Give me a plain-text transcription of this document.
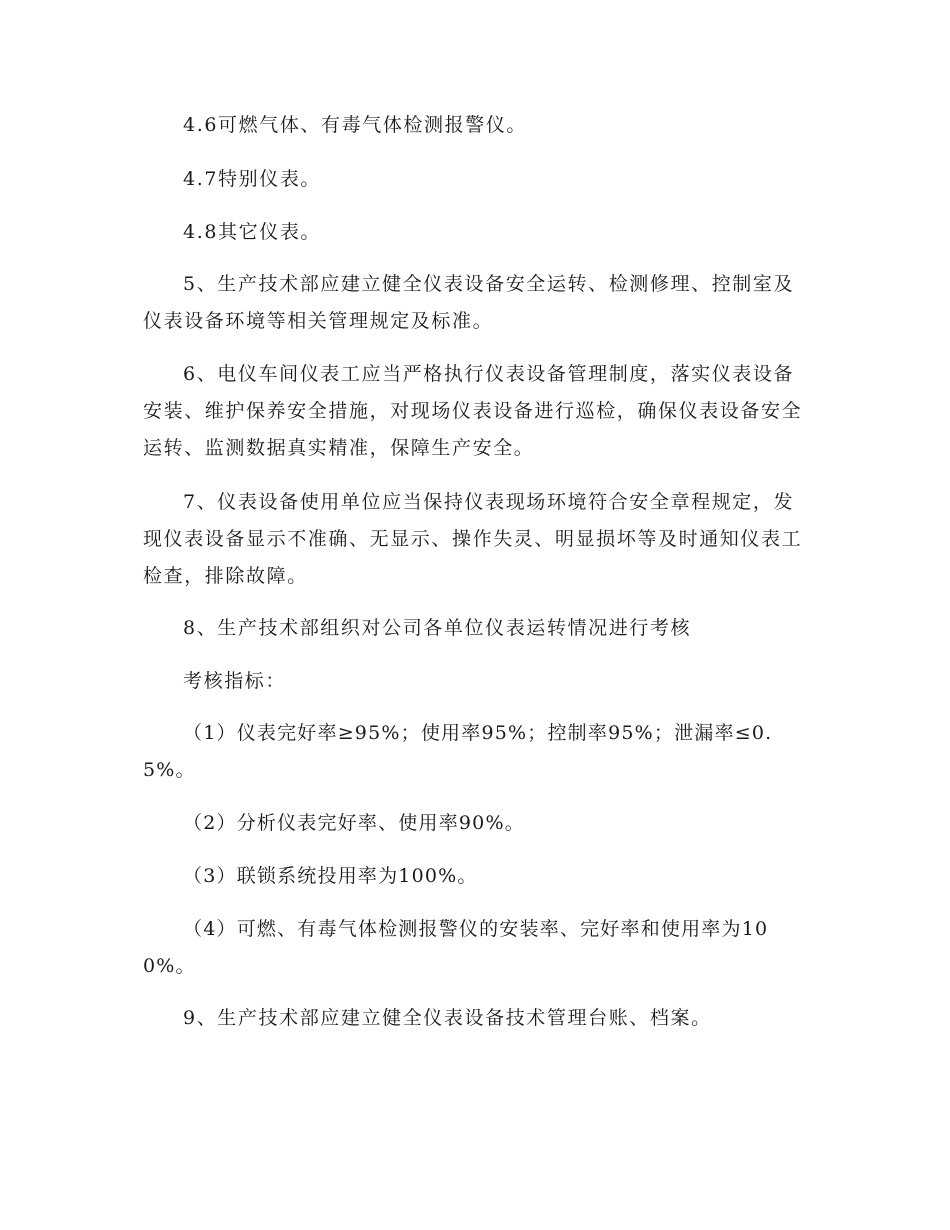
4.6可燃气体、有毒气体检测报警仪。

4.7特别仪表。

4.8其它仪表。

5、生产技术部应建立健全仪表设备安全运转、检测修理、控制室及仪表设备环境等相关管理规定及标准。

6、电仪车间仪表工应当严格执行仪表设备管理制度，落实仪表设备安装、维护保养安全措施，对现场仪表设备进行巡检，确保仪表设备安全运转、监测数据真实精准，保障生产安全。

7、仪表设备使用单位应当保持仪表现场环境符合安全章程规定，发现仪表设备显示不准确、无显示、操作失灵、明显损坏等及时通知仪表工检查，排除故障。

8、生产技术部组织对公司各单位仪表运转情况进行考核

考核指标：

（1）仪表完好率≥95%；使用率95%；控制率95%；泄漏率≤0.5%。

（2）分析仪表完好率、使用率90%。

（3）联锁系统投用率为100%。

（4）可燃、有毒气体检测报警仪的安装率、完好率和使用率为100%。

9、生产技术部应建立健全仪表设备技术管理台账、档案。
